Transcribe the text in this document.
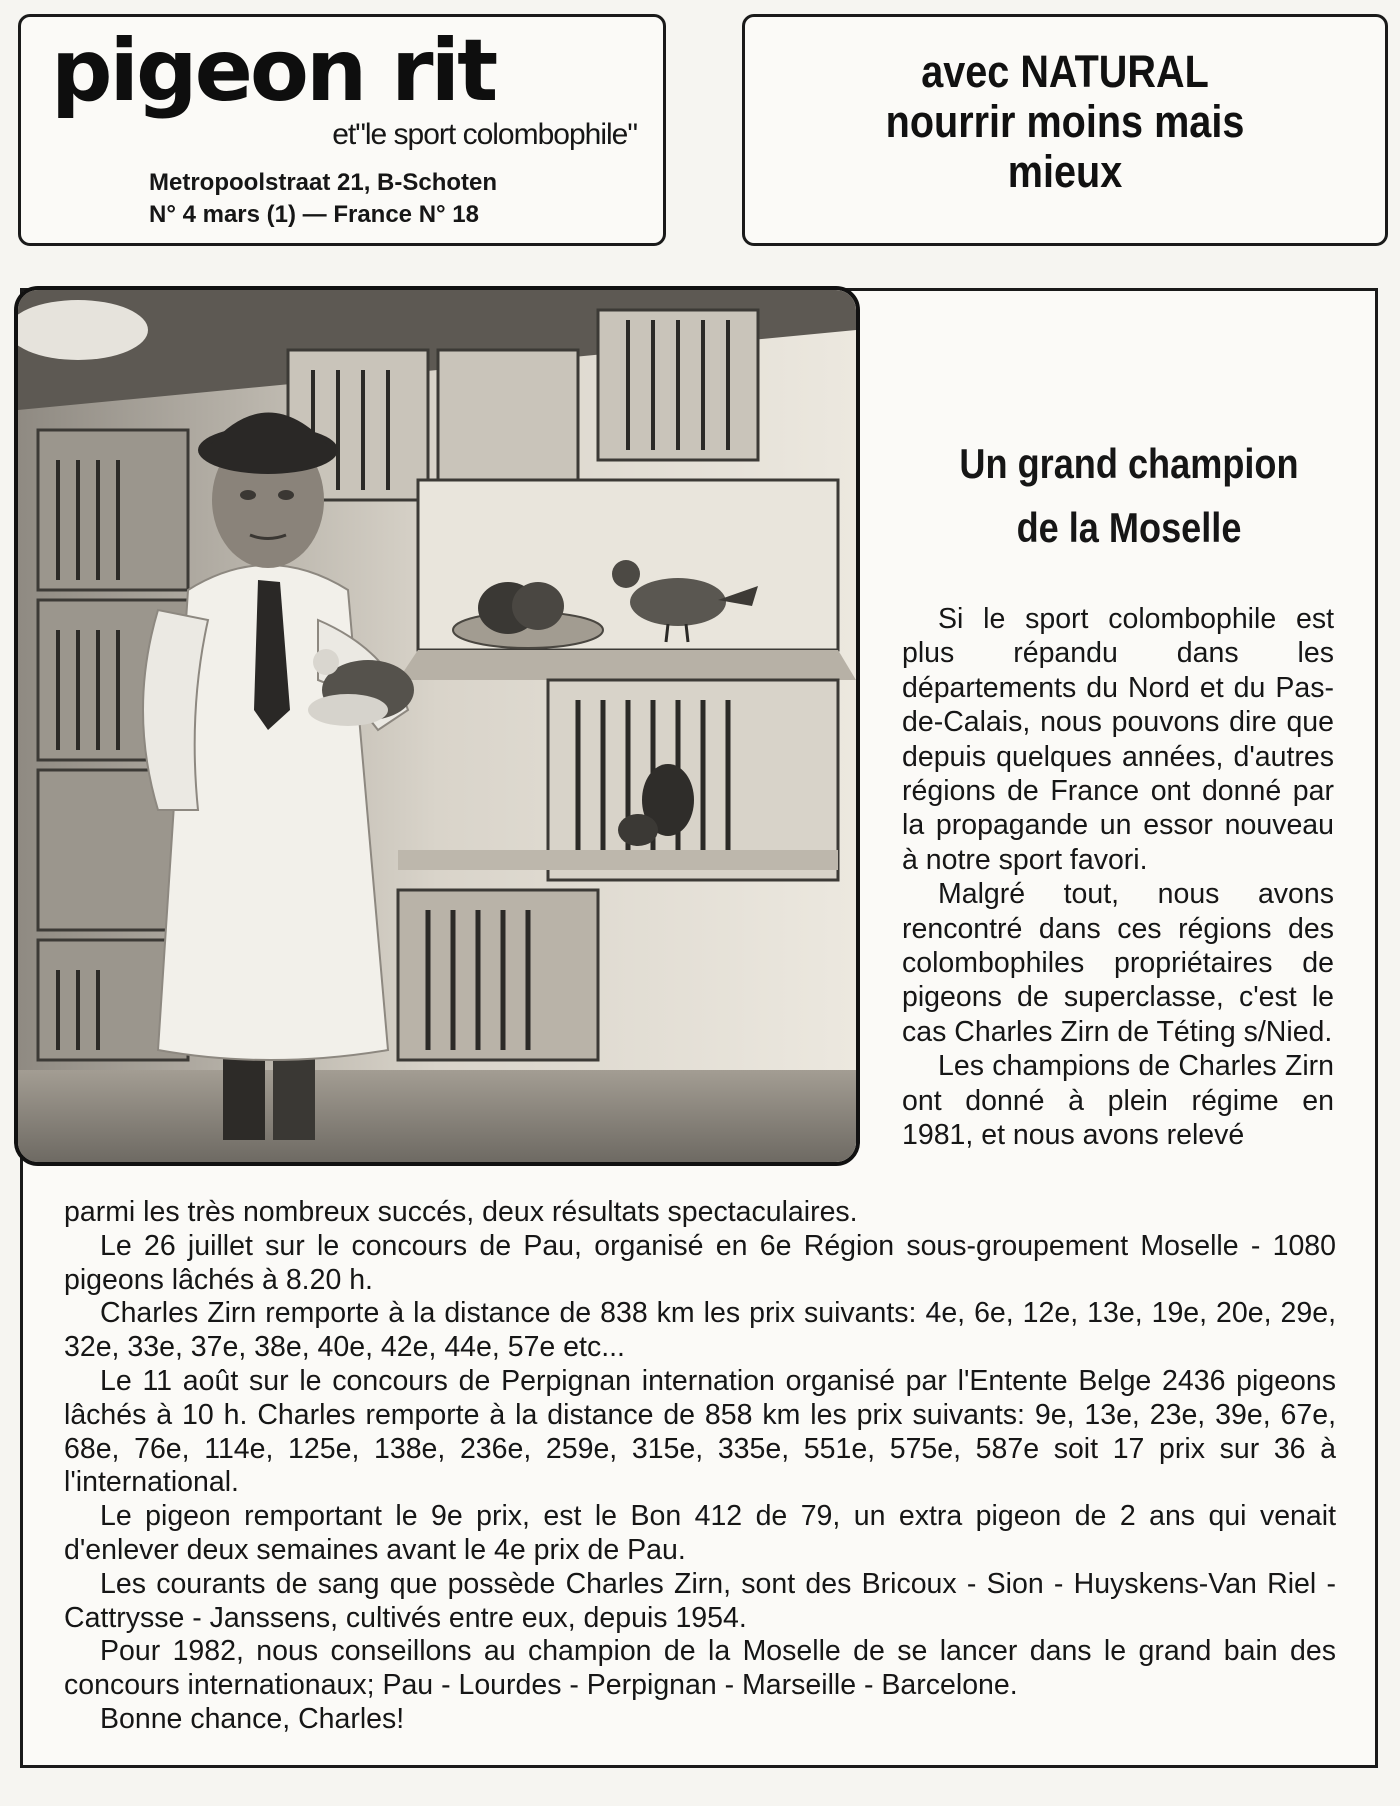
pigeon rit
et"le sport colombophile"
Metropoolstraat 21, B-Schoten
N° 4 mars (1) — France N° 18
avec NATURAL
nourrir moins mais
mieux
Un grand champion
de la Moselle

Si le sport colombophile est plus répandu dans les départements du Nord et du Pas-de-Calais, nous pouvons dire que depuis quelques années, d'autres régions de France ont donné par la propagande un essor nouveau à notre sport favori.

Malgré tout, nous avons rencontré dans ces régions des colombophiles propriétaires de pigeons de superclasse, c'est le cas Charles Zirn de Téting s/Nied.

Les champions de Charles Zirn ont donné à plein régime en 1981, et nous avons relevé

parmi les très nombreux succés, deux résultats spectaculaires.

Le 26 juillet sur le concours de Pau, organisé en 6e Région sous-groupement Moselle - 1080 pigeons lâchés à 8.20 h.

Charles Zirn remporte à la distance de 838 km les prix suivants: 4e, 6e, 12e, 13e, 19e, 20e, 29e, 32e, 33e, 37e, 38e, 40e, 42e, 44e, 57e etc...

Le 11 août sur le concours de Perpignan internation organisé par l'Entente Belge 2436 pigeons lâchés à 10 h. Charles remporte à la distance de 858 km les prix suivants: 9e, 13e, 23e, 39e, 67e, 68e, 76e, 114e, 125e, 138e, 236e, 259e, 315e, 335e, 551e, 575e, 587e soit 17 prix sur 36 à l'international.

Le pigeon remportant le 9e prix, est le Bon 412 de 79, un extra pigeon de 2 ans qui venait d'enlever deux semaines avant le 4e prix de Pau.

Les courants de sang que possède Charles Zirn, sont des Bricoux - Sion - Huyskens-Van Riel - Cattrysse - Janssens, cultivés entre eux, depuis 1954.

Pour 1982, nous conseillons au champion de la Moselle de se lancer dans le grand bain des concours internationaux; Pau - Lourdes - Perpignan - Marseille - Barcelone.

Bonne chance, Charles!
